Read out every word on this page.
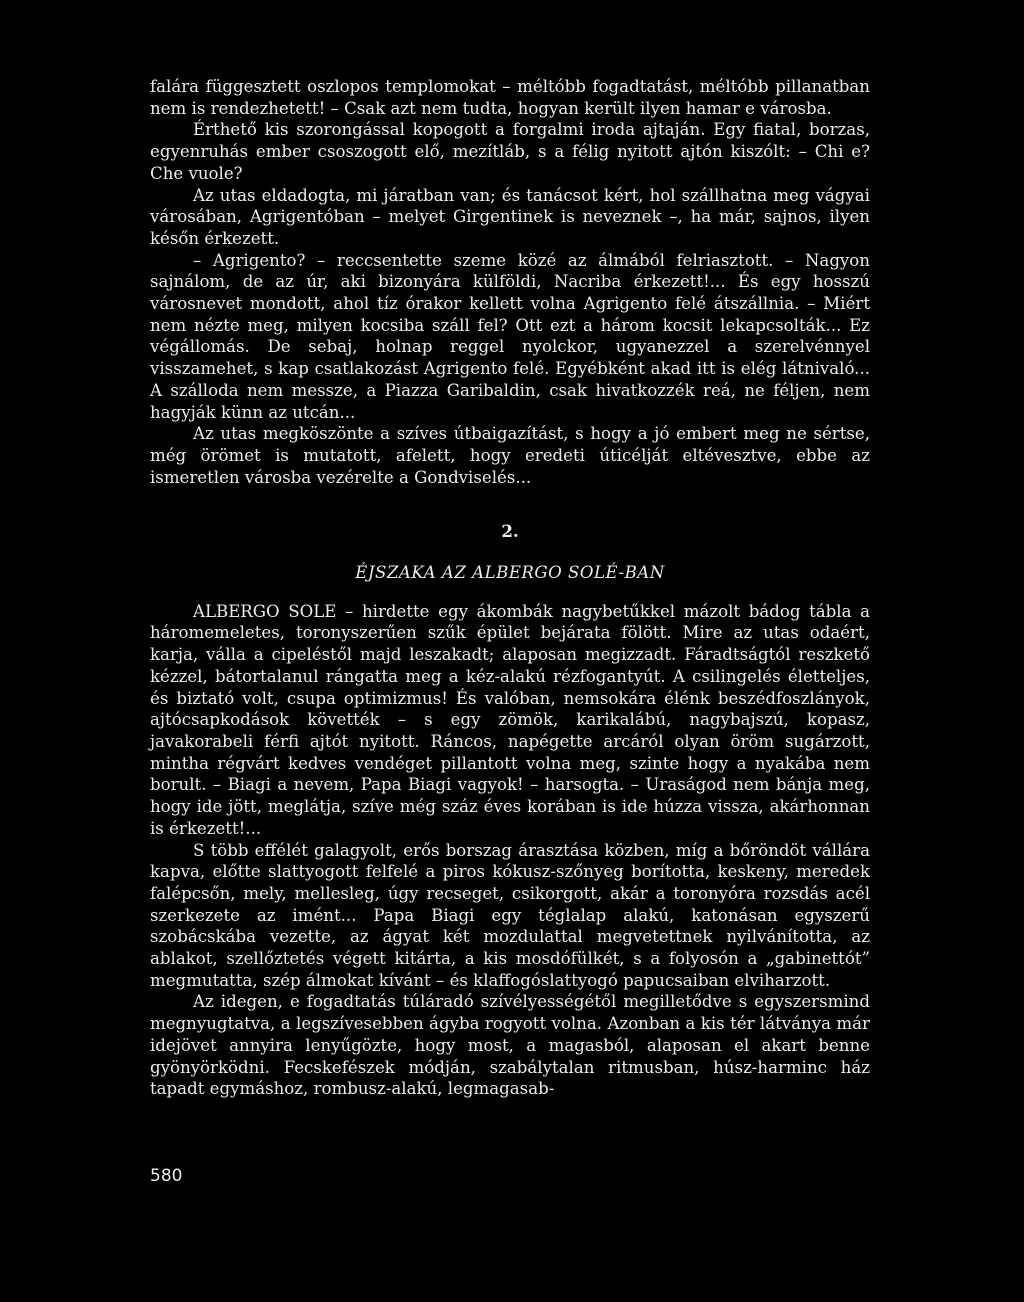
falára függesztett oszlopos templomokat – méltóbb fogadtatást, méltóbb pillanatban nem is rendezhetett! – Csak azt nem tudta, hogyan került ilyen hamar e városba.

Érthető kis szorongással kopogott a forgalmi iroda ajtaján. Egy fiatal, borzas, egyenruhás ember csoszogott elő, mezítláb, s a félig nyitott ajtón kiszólt: – Chi e? Che vuole?

Az utas eldadogta, mi járatban van; és tanácsot kért, hol szállhatna meg vágyai városában, Agrigentóban – melyet Girgentinek is neveznek –, ha már, sajnos, ilyen későn érkezett.

– Agrigento? – reccsentette szeme közé az álmából felriasztott. – Nagyon sajnálom, de az úr, aki bizonyára külföldi, Nacriba érkezett!... És egy hosszú városnevet mondott, ahol tíz órakor kellett volna Agrigento felé átszállnia. – Miért nem nézte meg, milyen kocsiba száll fel? Ott ezt a három kocsit lekapcsolták... Ez végállomás. De sebaj, holnap reggel nyolckor, ugyanezzel a szerelvénnyel visszamehet, s kap csatlakozást Agrigento felé. Egyébként akad itt is elég látnivaló... A szálloda nem messze, a Piazza Garibaldin, csak hivatkozzék reá, ne féljen, nem hagyják künn az utcán...

Az utas megköszönte a szíves útbaigazítást, s hogy a jó embert meg ne sértse, még örömet is mutatott, afelett, hogy eredeti úticélját eltévesztve, ebbe az ismeretlen városba vezérelte a Gondviselés...

2.

ÉJSZAKA AZ ALBERGO SOLÉ-BAN

ALBERGO SOLE – hirdette egy ákombák nagybetűkkel mázolt bádog tábla a háromemeletes, toronyszerűen szűk épület bejárata fölött. Mire az utas odaért, karja, válla a cipeléstől majd leszakadt; alaposan megizzadt. Fáradtságtól reszkető kézzel, bátortalanul rángatta meg a kéz-alakú rézfogantyút. A csilingelés életteljes, és biztató volt, csupa optimizmus! És valóban, nemsokára élénk beszédfoszlányok, ajtócsapkodások követték – s egy zömök, karikalábú, nagybajszú, kopasz, javakorabeli férfi ajtót nyitott. Ráncos, napégette arcáról olyan öröm sugárzott, mintha régvárt kedves vendéget pillantott volna meg, szinte hogy a nyakába nem borult. – Biagi a nevem, Papa Biagi vagyok! – harsogta. – Uraságod nem bánja meg, hogy ide jött, meglátja, szíve még száz éves korában is ide húzza vissza, akárhonnan is érkezett!...

S több effélét galagyolt, erős borszag árasztása közben, míg a bőröndöt vállára kapva, előtte slattyogott felfelé a piros kókusz-szőnyeg borította, keskeny, meredek falépcsőn, mely, mellesleg, úgy recseget, csikorgott, akár a toronyóra rozsdás acél szerkezete az imént... Papa Biagi egy téglalap alakú, katonásan egyszerű szobácskába vezette, az ágyat két mozdulattal megvetettnek nyilvánította, az ablakot, szellőztetés végett kitárta, a kis mosdófülkét, s a folyosón a „gabinettót” megmutatta, szép álmokat kívánt – és klaffogóslattyogó papucsaiban elviharzott.

Az idegen, e fogadtatás túláradó szívélyességétől megilletődve s egyszersmind megnyugtatva, a legszívesebben ágyba rogyott volna. Azonban a kis tér látványa már idejövet annyira lenyűgözte, hogy most, a magasból, alaposan el akart benne gyönyörködni. Fecskefészek módján, szabálytalan ritmusban, húsz-harminc ház tapadt egymáshoz, rombusz-alakú, legmagasab-

580
